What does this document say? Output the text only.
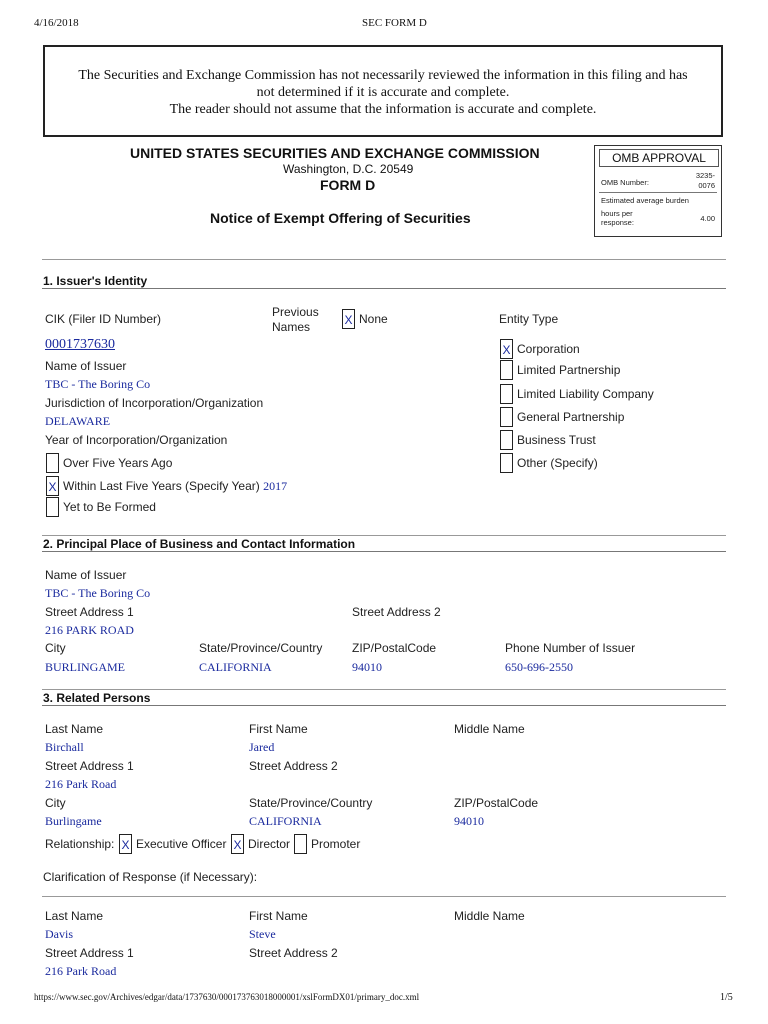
4/16/2018	SEC FORM D
The Securities and Exchange Commission has not necessarily reviewed the information in this filing and has
not determined if it is accurate and complete.
The reader should not assume that the information is accurate and complete.
UNITED STATES SECURITIES AND EXCHANGE COMMISSION
Washington, D.C. 20549
FORM D
Notice of Exempt Offering of Securities
OMB APPROVAL
OMB Number:
3235-
0076
Estimated average burden
hours per
response:	4.00
1. Issuer's Identity
CIK (Filer ID Number)	Previous
Names	X None	Entity Type
0001737630
Name of Issuer
TBC - The Boring Co
Jurisdiction of Incorporation/Organization
DELAWARE
Year of Incorporation/Organization
Over Five Years Ago
X Within Last Five Years (Specify Year) 2017
Yet to Be Formed
X Corporation
Limited Partnership
Limited Liability Company
General Partnership
Business Trust
Other (Specify)
2. Principal Place of Business and Contact Information
Name of Issuer
TBC - The Boring Co
Street Address 1	Street Address 2
216 PARK ROAD
City	State/Province/Country ZIP/PostalCode	Phone Number of Issuer
BURLINGAME	CALIFORNIA	94010	650-696-2550
3. Related Persons
Last Name	First Name	Middle Name
Birchall	Jared
Street Address 1	Street Address 2
216 Park Road
City	State/Province/Country	ZIP/PostalCode
Burlingame	CALIFORNIA	94010
Relationship: X Executive Officer X Director Promoter
Clarification of Response (if Necessary):
Last Name	First Name	Middle Name
Davis	Steve
Street Address 1	Street Address 2
216 Park Road
https://www.sec.gov/Archives/edgar/data/1737630/000173763018000001/xslFormDX01/primary_doc.xml	1/5
